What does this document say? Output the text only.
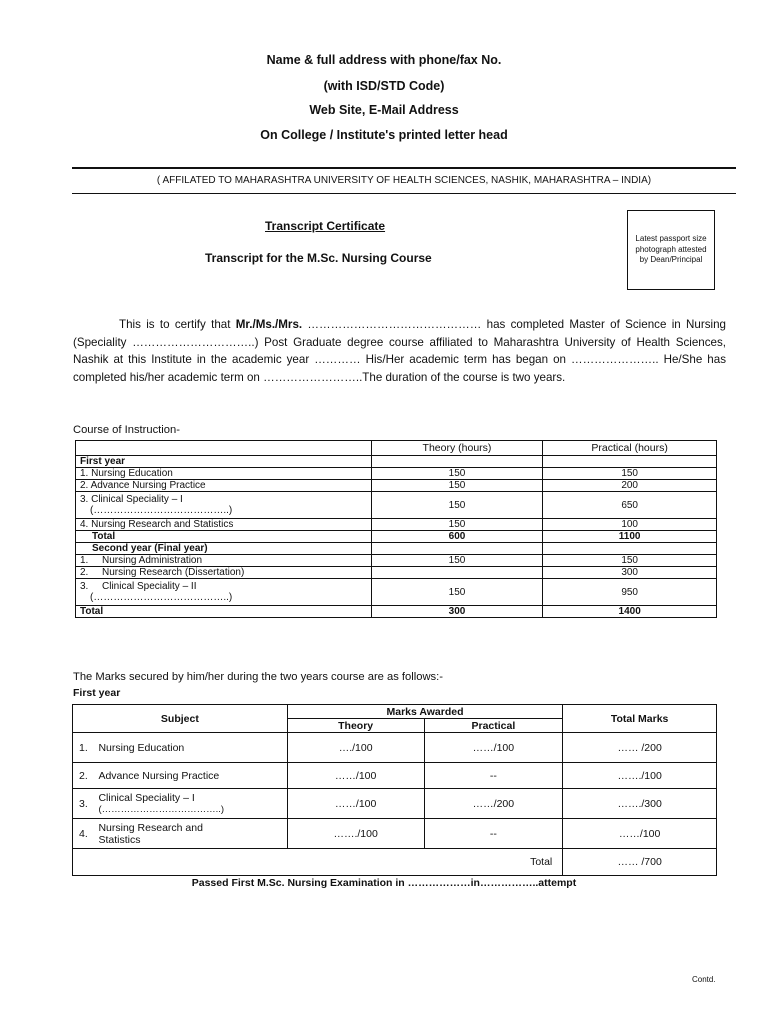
Name & full address with phone/fax No.
(with ISD/STD Code)
Web Site, E-Mail Address
On College / Institute's printed letter head
( AFFILATED TO MAHARASHTRA UNIVERSITY OF HEALTH SCIENCES, NASHIK, MAHARASHTRA – INDIA)
Transcript Certificate
Transcript for the M.Sc. Nursing Course
Latest passport size photograph attested by Dean/Principal

This is to certify that Mr./Ms./Mrs. ……………………………………… has completed Master of Science in Nursing (Speciality …………………………..) Post Graduate degree course affiliated to Maharashtra University of Health Sciences, Nashik at this Institute in the academic year ………… His/Her academic term has began on ………………….. He/She has completed his/her academic term on ……………………..The duration of the course is two years.

Course of Instruction-
	Theory (hours)	Practical (hours)
First year		
1. Nursing Education	150	150
2. Advance Nursing Practice	150	200

3. Clinical Speciality – I
(…………………………………..)	150	650
4. Nursing Research and Statistics	150	100
Total	600	1100
Second year (Final year)		
1. Nursing Administration	150	150
2. Nursing Research (Dissertation)		300

3. Clinical Speciality – II
(…………………………………..)	150	950
Total	300	1400
The Marks secured by him/her during the two years course are as follows:-
First year
Subject		Marks Awarded		Total Marks
		Theory	Practical	
1.	Nursing Education	…./100	……/100	…… /200
2.	Advance Nursing Practice	……/100	--	……./100
3.	Clinical Speciality – I
(………………………………..)	……/100	……/200	……./300
4.	Nursing Research and
Statistics	……./100	--	……/100
Total				…… /700
Passed First M.Sc. Nursing Examination in ………………in……………..attempt
Contd.
